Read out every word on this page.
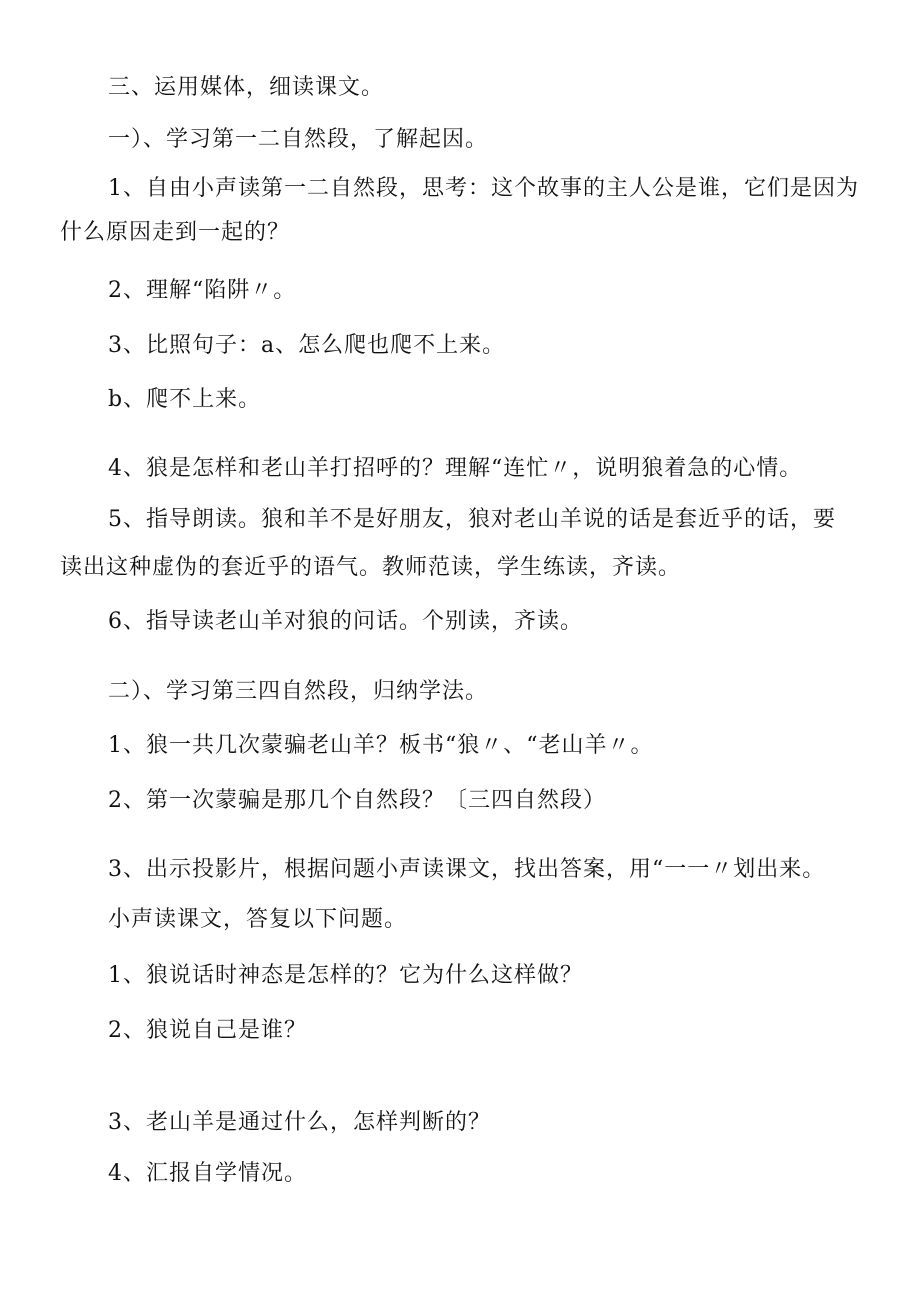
三、运用媒体，细读课文。
一）、学习第一二自然段，了解起因。
1、自由小声读第一二自然段，思考：这个故事的主人公是谁，它们是因为
什么原因走到一起的？
2、理解“陷阱〃。
3、比照句子：a、怎么爬也爬不上来。
b、爬不上来。
4、狼是怎样和老山羊打招呼的？理解“连忙〃，说明狼着急的心情。
5、指导朗读。狼和羊不是好朋友，狼对老山羊说的话是套近乎的话，要
读出这种虚伪的套近乎的语气。教师范读，学生练读，齐读。
6、指导读老山羊对狼的问话。个别读，齐读。
二）、学习第三四自然段，归纳学法。
1、狼一共几次蒙骗老山羊？板书“狼〃、“老山羊〃。
2、第一次蒙骗是那几个自然段？〔三四自然段）
3、出示投影片，根据问题小声读课文，找出答案，用“一一〃划出来。
小声读课文，答复以下问题。
1、狼说话时神态是怎样的？它为什么这样做？
2、狼说自己是谁？
3、老山羊是通过什么，怎样判断的？
4、汇报自学情况。
